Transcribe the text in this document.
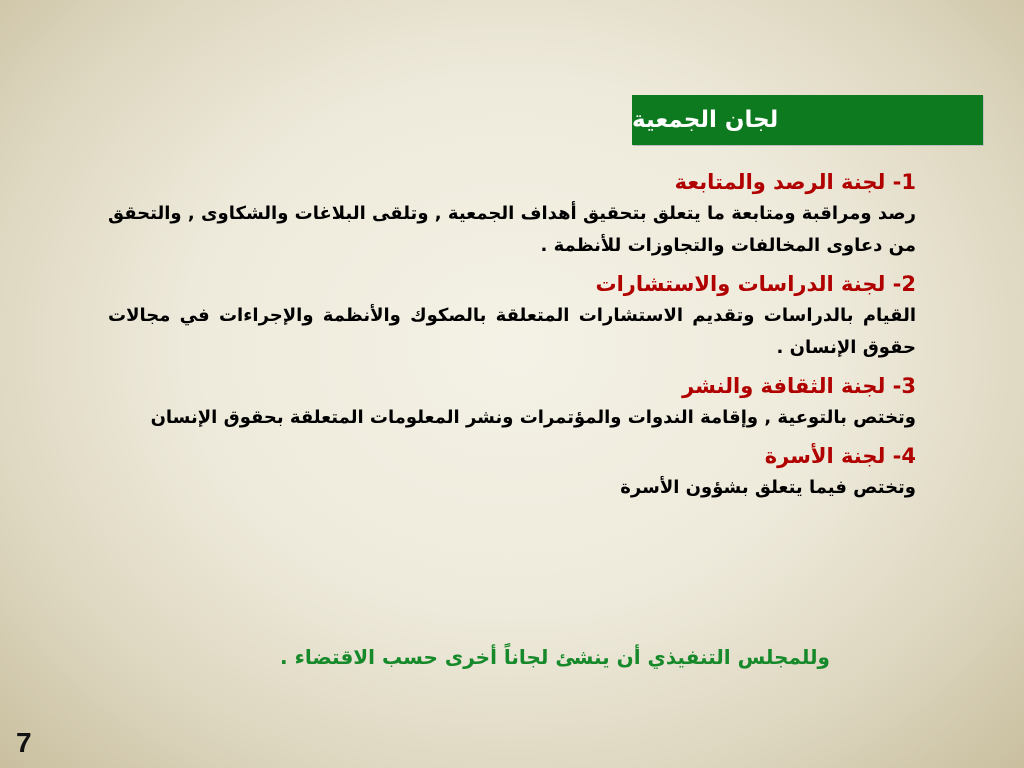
لجان الجمعية
1- لجنة الرصد والمتابعة
رصد ومراقبة ومتابعة ما يتعلق بتحقيق أهداف الجمعية , وتلقى البلاغات والشكاوى , والتحقق من دعاوى المخالفات والتجاوزات للأنظمة .
2- لجنة الدراسات والاستشارات
القيام بالدراسات وتقديم الاستشارات المتعلقة بالصكوك والأنظمة والإجراءات في مجالات حقوق الإنسان .
3- لجنة الثقافة والنشر
وتختص بالتوعية , وإقامة الندوات والمؤتمرات ونشر المعلومات المتعلقة بحقوق الإنسان
4- لجنة الأسرة
وتختص فيما يتعلق بشؤون الأسرة
وللمجلس التنفيذي أن ينشئ لجاناً أخرى حسب الاقتضاء .
7
